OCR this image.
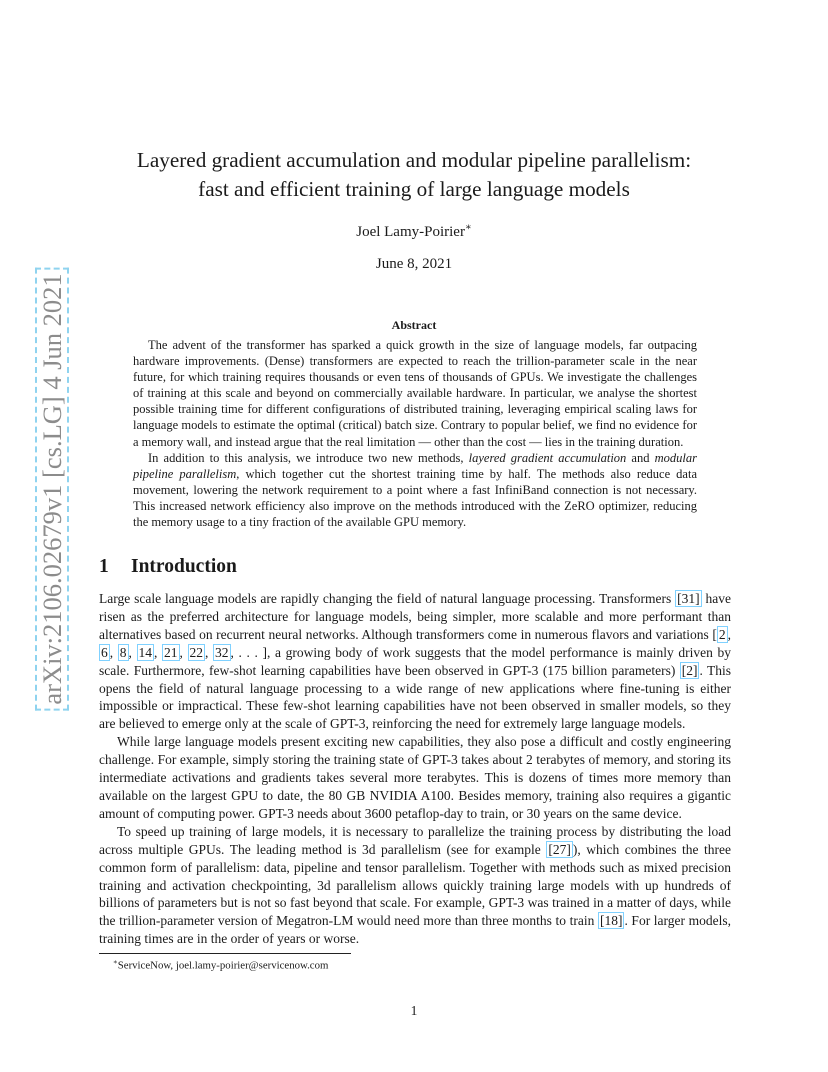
arXiv:2106.02679v1 [cs.LG] 4 Jun 2021
Layered gradient accumulation and modular pipeline parallelism:
fast and efficient training of large language models
Joel Lamy-Poirier∗
June 8, 2021
Abstract

The advent of the transformer has sparked a quick growth in the size of language models, far outpacing hardware improvements. (Dense) transformers are expected to reach the trillion-parameter scale in the near future, for which training requires thousands or even tens of thousands of GPUs. We investigate the challenges of training at this scale and beyond on commercially available hardware. In particular, we analyse the shortest possible training time for different configurations of distributed training, leveraging empirical scaling laws for language models to estimate the optimal (critical) batch size. Contrary to popular belief, we find no evidence for a memory wall, and instead argue that the real limitation — other than the cost — lies in the training duration.

In addition to this analysis, we introduce two new methods, layered gradient accumulation and modular pipeline parallelism, which together cut the shortest training time by half. The methods also reduce data movement, lowering the network requirement to a point where a fast InfiniBand connection is not necessary. This increased network efficiency also improve on the methods introduced with the ZeRO optimizer, reducing the memory usage to a tiny fraction of the available GPU memory.

1 Introduction

Large scale language models are rapidly changing the field of natural language processing. Transformers [31] have risen as the preferred architecture for language models, being simpler, more scalable and more performant than alternatives based on recurrent neural networks. Although transformers come in numerous flavors and variations [ 2 , 6 , 8 , 14 , 21 , 22 , 32 , . . . ], a growing body of work suggests that the model performance is mainly driven by scale. Furthermore, few-shot learning capabilities have been observed in GPT-3 (175 billion parameters) [2] . This opens the field of natural language processing to a wide range of new applications where fine-tuning is either impossible or impractical. These few-shot learning capabilities have not been observed in smaller models, so they are believed to emerge only at the scale of GPT-3, reinforcing the need for extremely large language models.

While large language models present exciting new capabilities, they also pose a difficult and costly engineering challenge. For example, simply storing the training state of GPT-3 takes about 2 terabytes of memory, and storing its intermediate activations and gradients takes several more terabytes. This is dozens of times more memory than available on the largest GPU to date, the 80 GB NVIDIA A100. Besides memory, training also requires a gigantic amount of computing power. GPT-3 needs about 3600 petaflop-day to train, or 30 years on the same device.

To speed up training of large models, it is necessary to parallelize the training process by distributing the load across multiple GPUs. The leading method is 3d parallelism (see for example [27] ), which combines the three common form of parallelism: data, pipeline and tensor parallelism. Together with methods such as mixed precision training and activation checkpointing, 3d parallelism allows quickly training large models with up hundreds of billions of parameters but is not so fast beyond that scale. For example, GPT-3 was trained in a matter of days, while the trillion-parameter version of Megatron-LM would need more than three months to train [18] . For larger models, training times are in the order of years or worse.

∗ServiceNow, joel.lamy-poirier@servicenow.com
1
